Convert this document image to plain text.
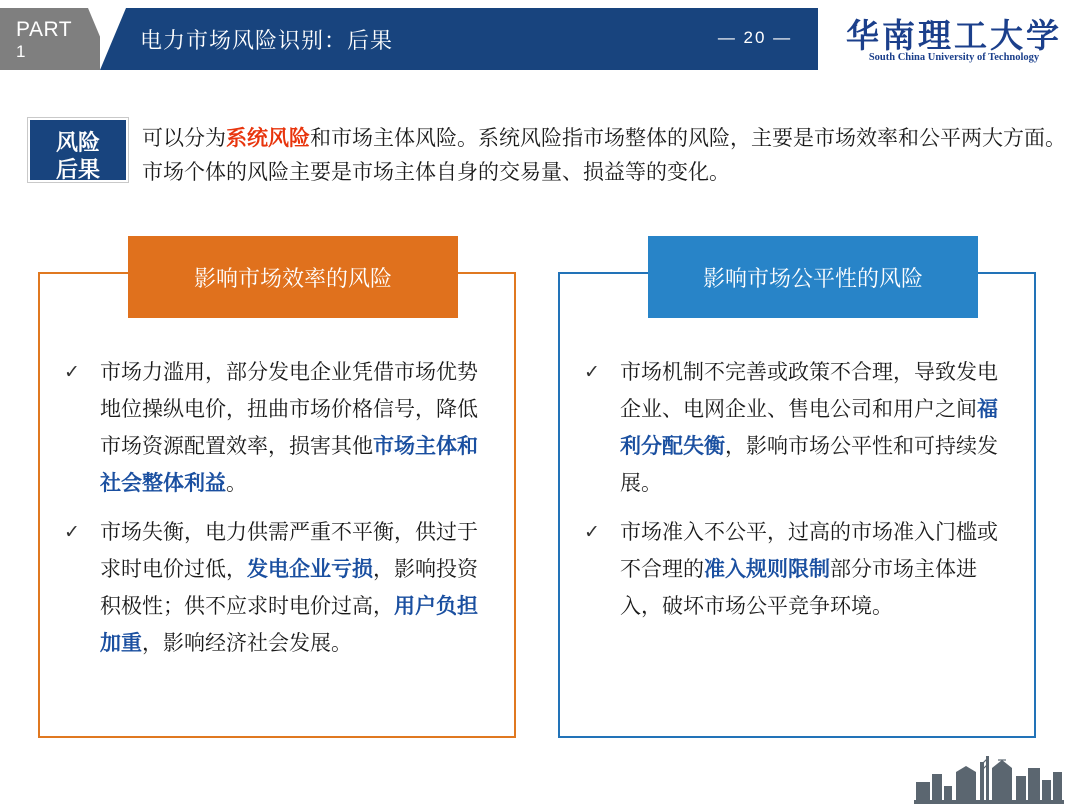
PART
1	电力市场风险识别：后果	— 20 —	华南理工大学
South China University of Technology
风险
后果
可以分为系统风险和市场主体风险。系统风险指市场整体的风险，主要是市场效率和公平两大方面。市场个体的风险主要是市场主体自身的交易量、损益等的变化。
影响市场效率的风险
✓ 市场力滥用，部分发电企业凭借市场优势地位操纵电价，扭曲市场价格信号，降低市场资源配置效率，损害其他市场主体和社会整体利益。
✓ 市场失衡，电力供需严重不平衡，供过于求时电价过低，发电企业亏损，影响投资积极性；供不应求时电价过高，用户负担加重，影响经济社会发展。
影响市场公平性的风险
✓ 市场机制不完善或政策不合理，导致发电企业、电网企业、售电公司和用户之间福利分配失衡，影响市场公平性和可持续发展。
✓ 市场准入不公平，过高的市场准入门槛或不合理的准入规则限制部分市场主体进入，破坏市场公平竞争环境。
